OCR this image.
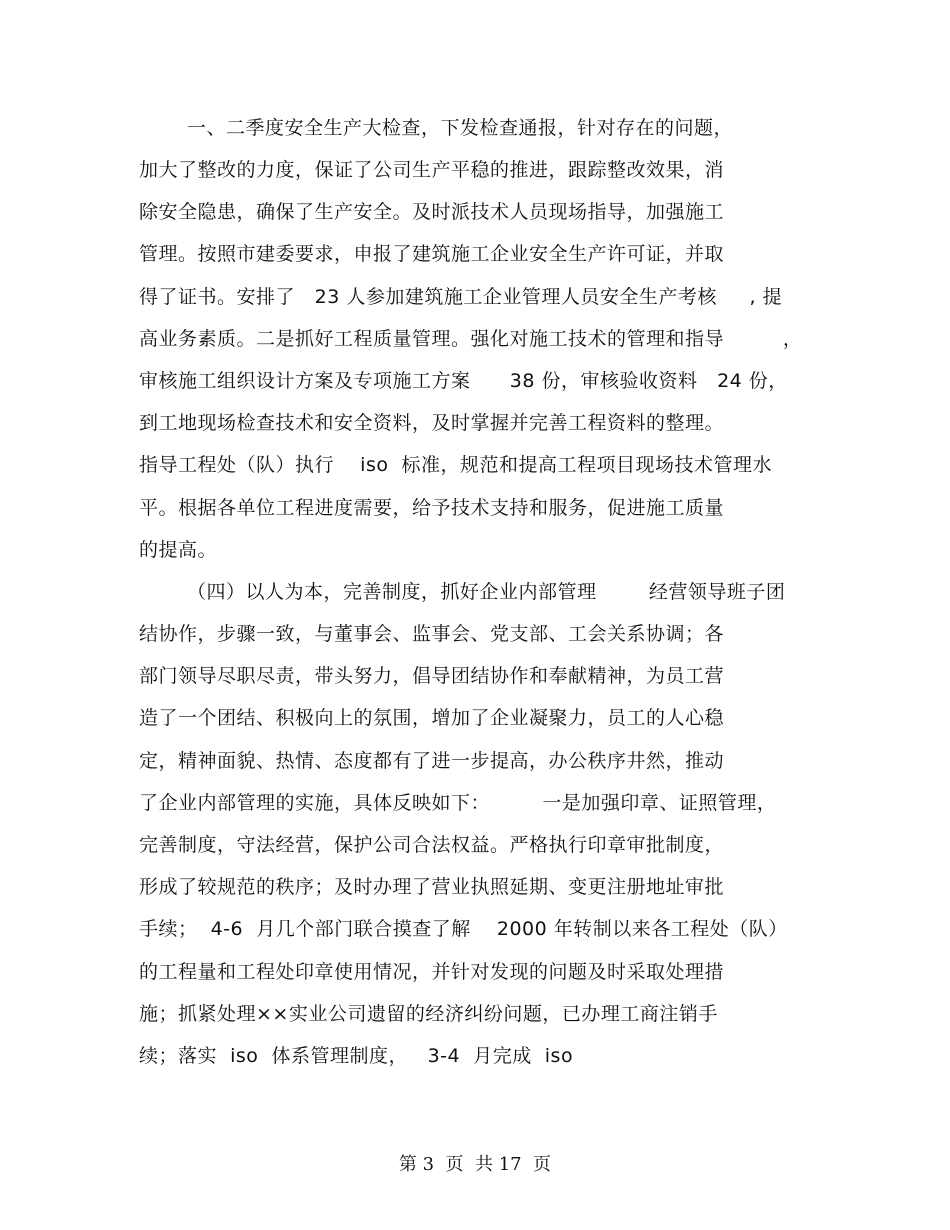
一、二季度安全生产大检查，下发检查通报，针对存在的问题，
加大了整改的力度，保证了公司生产平稳的推进，跟踪整改效果，消
除安全隐患，确保了生产安全。及时派技术人员现场指导，加强施工
管理。按照市建委要求，申报了建筑施工企业安全生产许可证，并取
得了证书。安排了   23 人参加建筑施工企业管理人员安全生产考核     , 提
高业务素质。二是抓好工程质量管理。强化对施工技术的管理和指导         ，
审核施工组织设计方案及专项施工方案      38 份，审核验收资料   24 份，
到工地现场检查技术和安全资料，及时掌握并完善工程资料的整理。
指导工程处（队）执行    iso  标准，规范和提高工程项目现场技术管理水
平。根据各单位工程进度需要，给予技术支持和服务，促进施工质量
的提高。
（四）以人为本，完善制度，抓好企业内部管理        经营领导班子团
结协作，步骤一致，与董事会、监事会、党支部、工会关系协调；各
部门领导尽职尽责，带头努力，倡导团结协作和奉献精神，为员工营
造了一个团结、积极向上的氛围，增加了企业凝聚力，员工的人心稳
定，精神面貌、热情、态度都有了进一步提高，办公秩序井然，推动
了企业内部管理的实施，具体反映如下：        一是加强印章、证照管理，
完善制度，守法经营，保护公司合法权益。严格执行印章审批制度，
形成了较规范的秩序；及时办理了营业执照延期、变更注册地址审批
手续；  4-6  月几个部门联合摸查了解    2000 年转制以来各工程处（队）
的工程量和工程处印章使用情况，并针对发现的问题及时采取处理措
施；抓紧处理××实业公司遗留的经济纠纷问题，已办理工商注销手
续；落实  iso  体系管理制度，   3-4  月完成  iso
第 3  页  共 17  页
